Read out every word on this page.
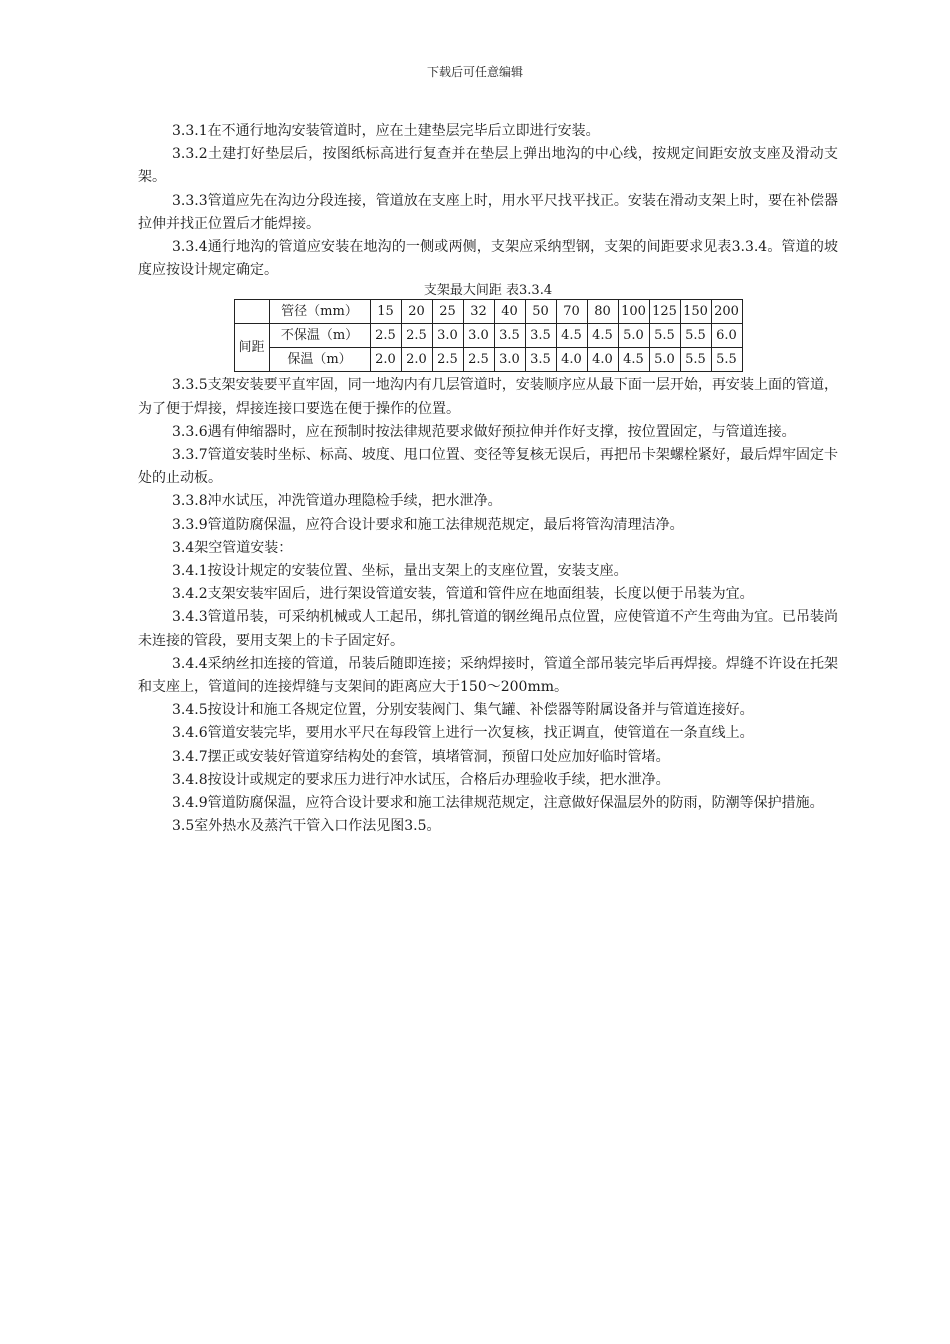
下载后可任意编辑

3.3.1在不通行地沟安装管道时，应在土建垫层完毕后立即进行安装。

3.3.2土建打好垫层后，按图纸标高进行复查并在垫层上弹出地沟的中心线，按规定间距安放支座及滑动支架。

3.3.3管道应先在沟边分段连接，管道放在支座上时，用水平尺找平找正。安装在滑动支架上时，要在补偿器拉伸并找正位置后才能焊接。

3.3.4通行地沟的管道应安装在地沟的一侧或两侧，支架应采纳型钢，支架的间距要求见表3.3.4。管道的坡度应按设计规定确定。

支架最大间距 表3.3.4

	管径（mm）	15	20	25	32	40	50	70	80	100	125	150	200
间距	不保温（m）	2.5	2.5	3.0	3.0	3.5	3.5	4.5	4.5	5.0	5.5	5.5	6.0
	保温（m）	2.0	2.0	2.5	2.5	3.0	3.5	4.0	4.0	4.5	5.0	5.5	5.5

3.3.5支架安装要平直牢固，同一地沟内有几层管道时，安装顺序应从最下面一层开始，再安装上面的管道，为了便于焊接，焊接连接口要选在便于操作的位置。

3.3.6遇有伸缩器时，应在预制时按法律规范要求做好预拉伸并作好支撑，按位置固定，与管道连接。

3.3.7管道安装时坐标、标高、坡度、甩口位置、变径等复核无误后，再把吊卡架螺栓紧好，最后焊牢固定卡处的止动板。

3.3.8冲水试压，冲洗管道办理隐检手续，把水泄净。

3.3.9管道防腐保温，应符合设计要求和施工法律规范规定，最后将管沟清理洁净。

3.4架空管道安装：

3.4.1按设计规定的安装位置、坐标，量出支架上的支座位置，安装支座。

3.4.2支架安装牢固后，进行架设管道安装，管道和管件应在地面组装，长度以便于吊装为宜。

3.4.3管道吊装，可采纳机械或人工起吊，绑扎管道的钢丝绳吊点位置，应使管道不产生弯曲为宜。已吊装尚未连接的管段，要用支架上的卡子固定好。

3.4.4采纳丝扣连接的管道，吊装后随即连接；采纳焊接时，管道全部吊装完毕后再焊接。焊缝不许设在托架和支座上，管道间的连接焊缝与支架间的距离应大于150～200mm。

3.4.5按设计和施工各规定位置，分别安装阀门、集气罐、补偿器等附属设备并与管道连接好。

3.4.6管道安装完毕，要用水平尺在每段管上进行一次复核，找正调直，使管道在一条直线上。

3.4.7摆正或安装好管道穿结构处的套管，填堵管洞，预留口处应加好临时管堵。

3.4.8按设计或规定的要求压力进行冲水试压，合格后办理验收手续，把水泄净。

3.4.9管道防腐保温，应符合设计要求和施工法律规范规定，注意做好保温层外的防雨，防潮等保护措施。

3.5室外热水及蒸汽干管入口作法见图3.5。
